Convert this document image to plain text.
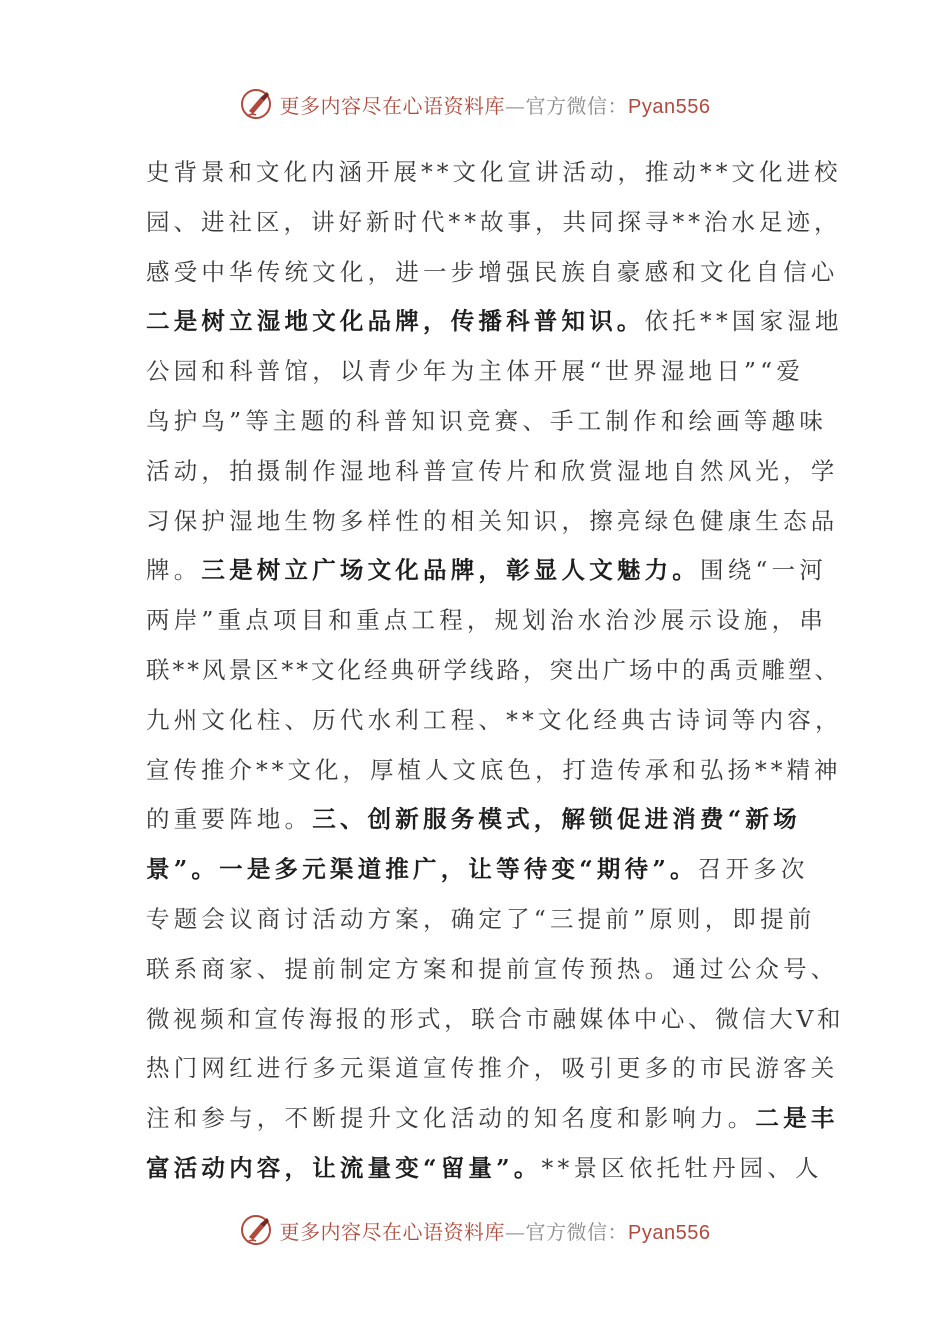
更多内容尽在心语资料库—官方微信：Pyan556
史背景和文化内涵开展**文化宣讲活动，推动**文化进校
园、进社区，讲好新时代**故事，共同探寻**治水足迹，
感受中华传统文化，进一步增强民族自豪感和文化自信心
二是树立湿地文化品牌，传播科普知识。依托**国家湿地
公园和科普馆，以青少年为主体开展“世界湿地日”“爱
鸟护鸟”等主题的科普知识竞赛、手工制作和绘画等趣味
活动，拍摄制作湿地科普宣传片和欣赏湿地自然风光，学
习保护湿地生物多样性的相关知识，擦亮绿色健康生态品
牌。三是树立广场文化品牌，彰显人文魅力。围绕“一河
两岸”重点项目和重点工程，规划治水治沙展示设施，串
联**风景区**文化经典研学线路，突出广场中的禹贡雕塑、
九州文化柱、历代水利工程、**文化经典古诗词等内容，
宣传推介**文化，厚植人文底色，打造传承和弘扬**精神
的重要阵地。三、创新服务模式，解锁促进消费“新场
景”。一是多元渠道推广，让等待变“期待”。召开多次
专题会议商讨活动方案，确定了“三提前”原则，即提前
联系商家、提前制定方案和提前宣传预热。通过公众号、
微视频和宣传海报的形式，联合市融媒体中心、微信大V和
热门网红进行多元渠道宣传推介，吸引更多的市民游客关
注和参与，不断提升文化活动的知名度和影响力。二是丰
富活动内容，让流量变“留量”。**景区依托牡丹园、人
更多内容尽在心语资料库—官方微信：Pyan556
